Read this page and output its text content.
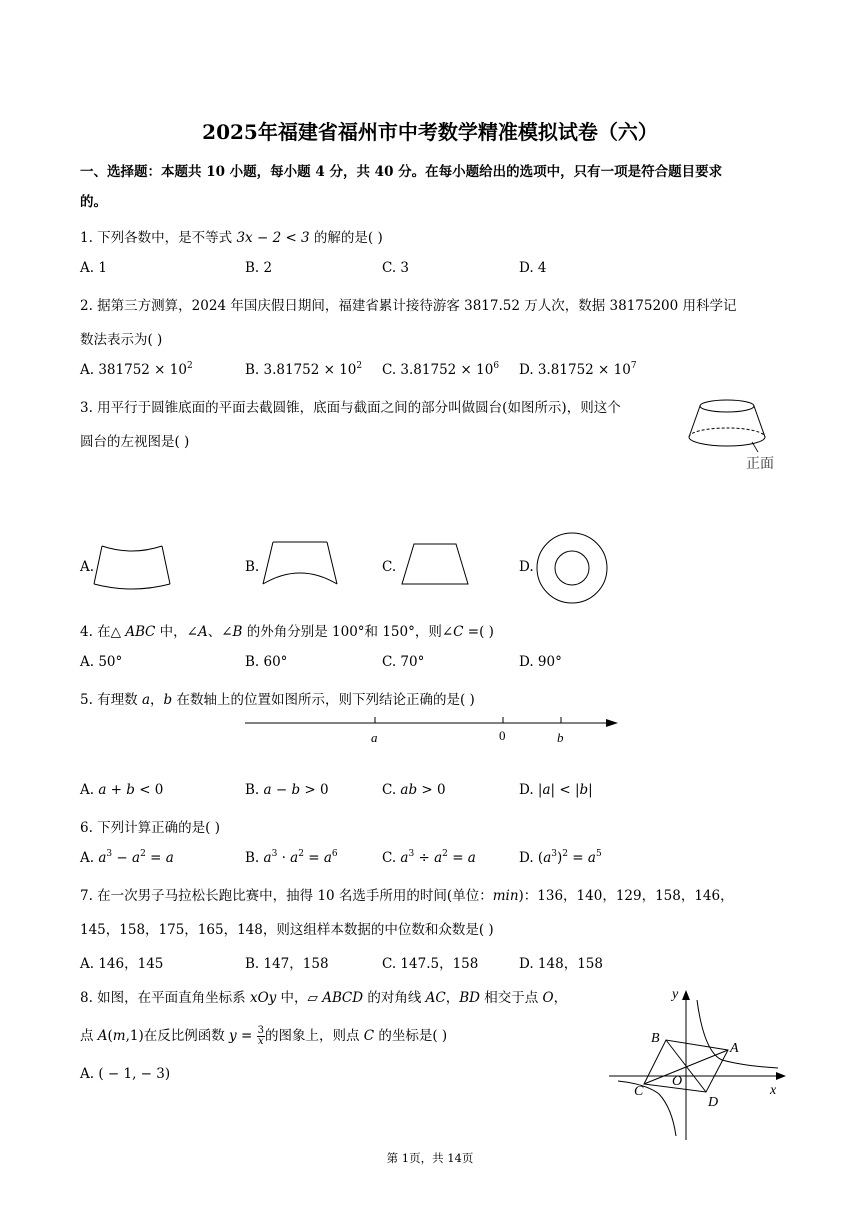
2025年福建省福州市中考数学精准模拟试卷（六）
一、选择题：本题共 10 小题，每小题 4 分，共 40 分。在每小题给出的选项中，只有一项是符合题目要求
的。
1. 下列各数中，是不等式 3𝑥 − 2 < 3 的解的是( )
A. 1	B. 2	C. 3	D. 4
2. 据第三方测算，2024 年国庆假日期间，福建省累计接待游客 3817.52 万人次，数据 38175200 用科学记
数法表示为( )
A. $381752 \times 10^2$	B. $3.81752 \times 10^2$ C. $3.81752 \times 10^6$ D. $3.81752 \times 10^7$
3. 用平行于圆锥底面的平面去截圆锥，底面与截面之间的部分叫做圆台(如图所示)，则这个
圆台的左视图是( )
正面
A.	B.	C.	D.
4. 在△ 𝐴𝐵𝐶 中，∠𝐴、∠𝐵 的外角分别是 100°和 150°，则∠𝐶 =( )
A. 50°	B. 60°	C. 70°	D. 90°
5. 有理数 𝑎，𝑏 在数轴上的位置如图所示，则下列结论正确的是( )
a	0	b
A. 𝑎 + 𝑏 < 0	B. 𝑎 − 𝑏 > 0	C. 𝑎𝑏 > 0	D. |𝑎| < |𝑏|
6. 下列计算正确的是( )
A. 𝑎$^3$ − 𝑎$^2$ = 𝑎	B. 𝑎$^3$ · 𝑎$^2$ = 𝑎$^6$	C. 𝑎$^3$ ÷ 𝑎$^2$ = 𝑎	D. (𝑎$^3$)$^2$ = 𝑎$^5$
7. 在一次男子马拉松长跑比赛中，抽得 10 名选手所用的时间(单位：𝑚𝑖𝑛)：136，140，129，158，146，
145，158，175，165，148，则这组样本数据的中位数和众数是( )
A. 146，145	B. 147，158	C. 147.5，158	D. 148，158
8. 如图，在平面直角坐标系 𝑥𝑂𝑦 中，▱ 𝐴𝐵𝐶𝐷 的对角线 𝐴𝐶，𝐵𝐷 相交于点 𝑂，
点 𝐴(𝑚,1)在反比例函数 𝑦 = $\frac{3}{\text{𝑥}}$ 的图象上，则点 𝐶 的坐标是( )
A. ( − 1, − 3)
y
x
A
B
C
D
O
第 1页，共 14页
